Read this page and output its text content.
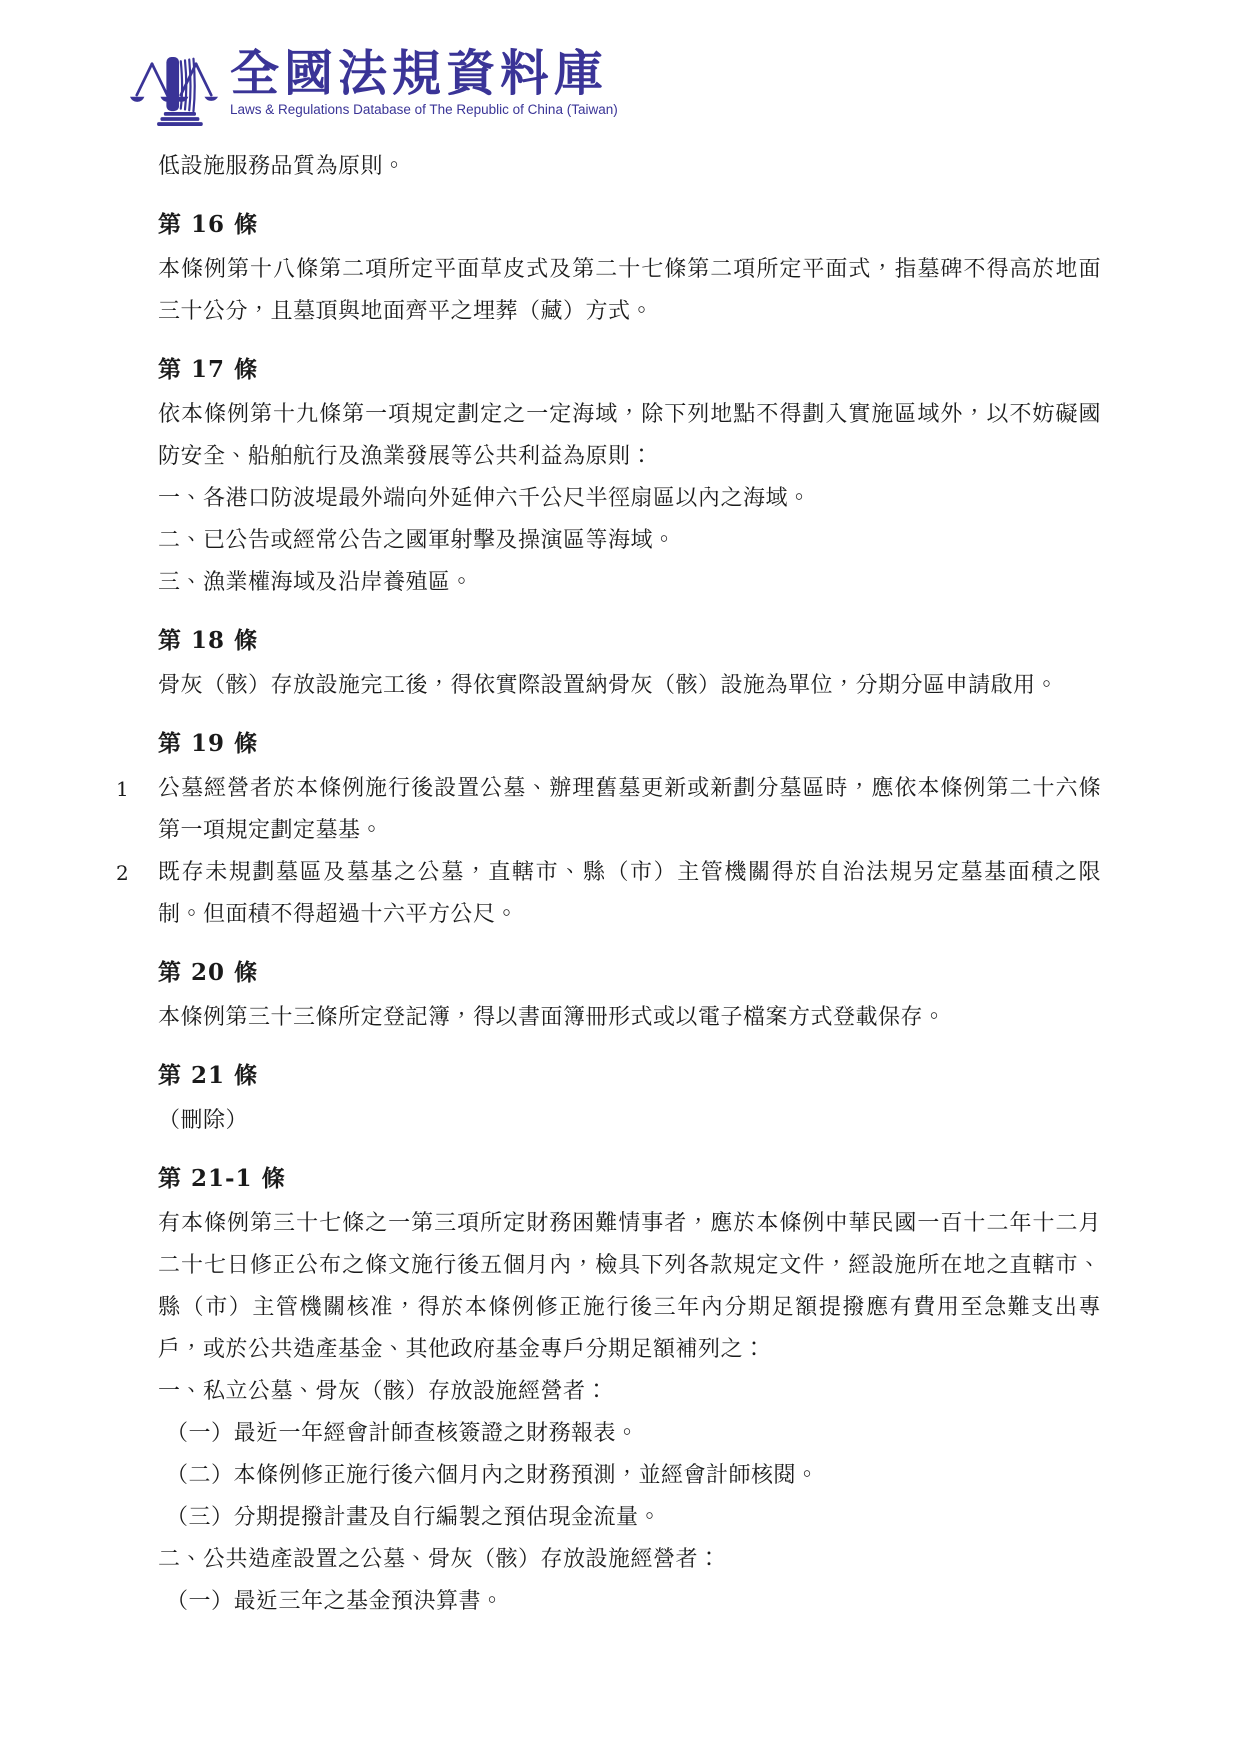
全國法規資料庫
Laws & Regulations Database of The Republic of China (Taiwan)

低設施服務品質為原則。

第 16 條

本條例第十八條第二項所定平面草皮式及第二十七條第二項所定平面式，指墓碑不得高於地面三十公分，且墓頂與地面齊平之埋葬（藏）方式。

第 17 條

依本條例第十九條第一項規定劃定之一定海域，除下列地點不得劃入實施區域外，以不妨礙國防安全、船舶航行及漁業發展等公共利益為原則：

一、各港口防波堤最外端向外延伸六千公尺半徑扇區以內之海域。

二、已公告或經常公告之國軍射擊及操演區等海域。

三、漁業權海域及沿岸養殖區。

第 18 條

骨灰（骸）存放設施完工後，得依實際設置納骨灰（骸）設施為單位，分期分區申請啟用。

第 19 條

1 公墓經營者於本條例施行後設置公墓、辦理舊墓更新或新劃分墓區時，應依本條例第二十六條第一項規定劃定墓基。

2 既存未規劃墓區及墓基之公墓，直轄市、縣（市）主管機關得於自治法規另定墓基面積之限制。但面積不得超過十六平方公尺。

第 20 條

本條例第三十三條所定登記簿，得以書面簿冊形式或以電子檔案方式登載保存。

第 21 條

（刪除）

第 21-1 條

有本條例第三十七條之一第三項所定財務困難情事者，應於本條例中華民國一百十二年十二月二十七日修正公布之條文施行後五個月內，檢具下列各款規定文件，經設施所在地之直轄市、縣（市）主管機關核准，得於本條例修正施行後三年內分期足額提撥應有費用至急難支出專戶，或於公共造產基金、其他政府基金專戶分期足額補列之：

一、私立公墓、骨灰（骸）存放設施經營者：

（一）最近一年經會計師查核簽證之財務報表。

（二）本條例修正施行後六個月內之財務預測，並經會計師核閱。

（三）分期提撥計畫及自行編製之預估現金流量。

二、公共造產設置之公墓、骨灰（骸）存放設施經營者：

（一）最近三年之基金預決算書。
